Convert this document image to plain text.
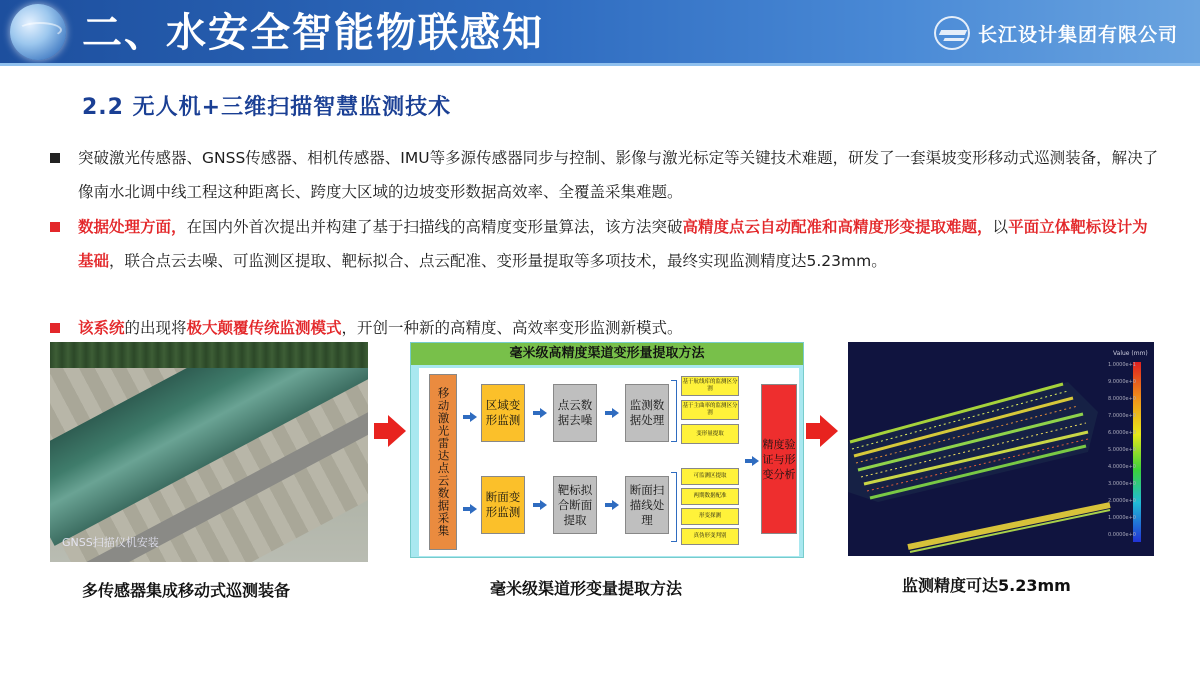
二、水安全智能物联感知	长江设计集团有限公司
2.2 无人机+三维扫描智慧监测技术
突破激光传感器、GNSS传感器、相机传感器、IMU等多源传感器同步与控制、影像与激光标定等关键技术难题，研发了一套渠坡变形移动式巡测装备，解决了像南水北调中线工程这种距离长、跨度大区域的边坡变形数据高效率、全覆盖采集难题。
数据处理方面，在国内外首次提出并构建了基于扫描线的高精度变形量算法，该方法突破高精度点云自动配准和高精度形变提取难题，以平面立体靶标设计为基础，联合点云去噪、可监测区提取、靶标拟合、点云配准、变形量提取等多项技术，最终实现监测精度达5.23mm。
该系统的出现将极大颠覆传统监测模式，开创一种新的高精度、高效率变形监测新模式。
GNSS扫描仪机安装
毫米级高精度渠道变形量提取方法
移动激光雷达点云数据采集	区域变形监测
点云数据去噪
监测数据处理
基于航线库的监测区分割
基于主曲率的监测区分割
变形量提取
断面变形监测
靶标拟合断面提取
断面扫描线处理
可监测区提取
两期数据配准
形变探测
真伪形变判别
精度验证与形变分析
Value (mm)
1.0000e+1
9.0000e+0
8.0000e+0
7.0000e+0
6.0000e+0
5.0000e+0
4.0000e+0
3.0000e+0
2.0000e+0
1.0000e+0
0.0000e+0
多传感器集成移动式巡测装备	毫米级渠道形变量提取方法	监测精度可达5.23mm
